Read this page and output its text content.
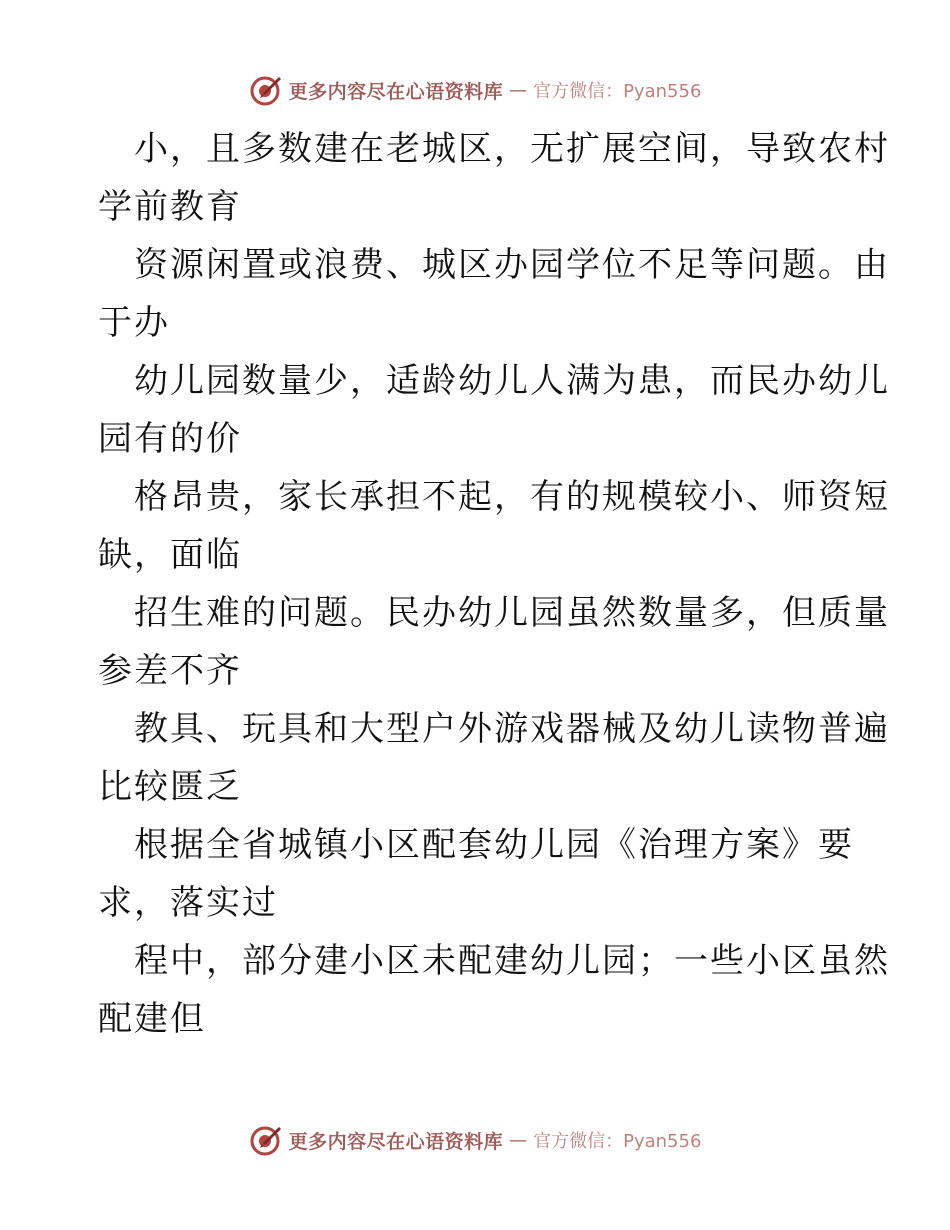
更多内容尽在心语资料库 — 官方微信：Pyan556
小，且多数建在老城区，无扩展空间，导致农村
学前教育
资源闲置或浪费、城区办园学位不足等问题。由
于办
幼儿园数量少，适龄幼儿人满为患，而民办幼儿
园有的价
格昂贵，家长承担不起，有的规模较小、师资短
缺，面临
招生难的问题。民办幼儿园虽然数量多，但质量
参差不齐
教具、玩具和大型户外游戏器械及幼儿读物普遍
比较匮乏
根据全省城镇小区配套幼儿园《治理方案》要
求，落实过
程中，部分建小区未配建幼儿园；一些小区虽然
配建但
更多内容尽在心语资料库 — 官方微信：Pyan556
